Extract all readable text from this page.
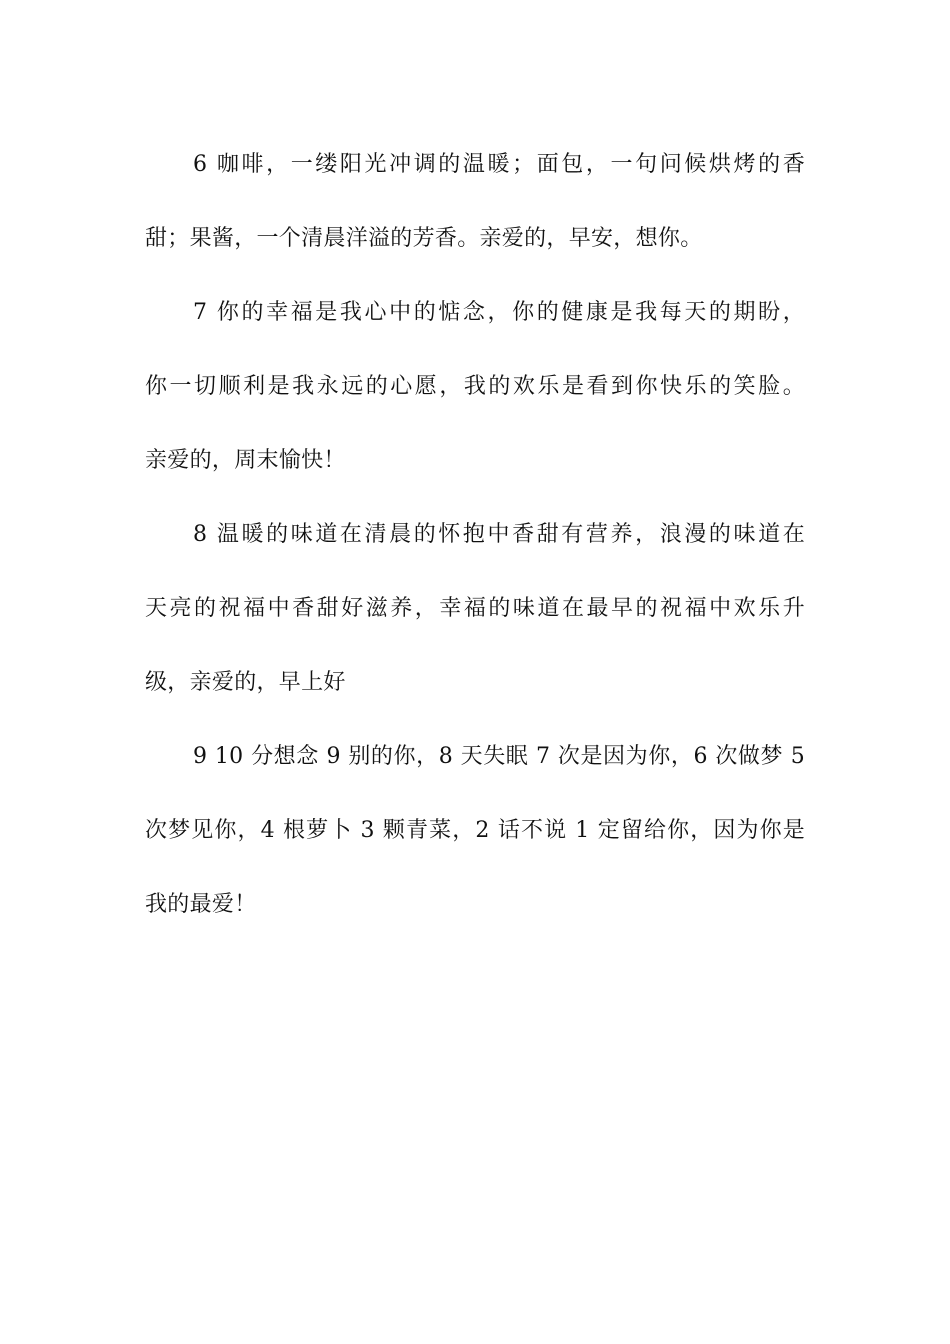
6 咖啡，一缕阳光冲调的温暖；面包，一句问候烘烤的香
甜；果酱，一个清晨洋溢的芳香。亲爱的，早安，想你。
7 你的幸福是我心中的惦念，你的健康是我每天的期盼，
你一切顺利是我永远的心愿，我的欢乐是看到你快乐的笑脸。
亲爱的，周末愉快！
8 温暖的味道在清晨的怀抱中香甜有营养，浪漫的味道在
天亮的祝福中香甜好滋养，幸福的味道在最早的祝福中欢乐升
级，亲爱的，早上好
9 10 分想念 9 别的你，8 天失眠 7 次是因为你，6 次做梦 5
次梦见你，4 根萝卜 3 颗青菜，2 话不说 1 定留给你，因为你是
我的最爱！
